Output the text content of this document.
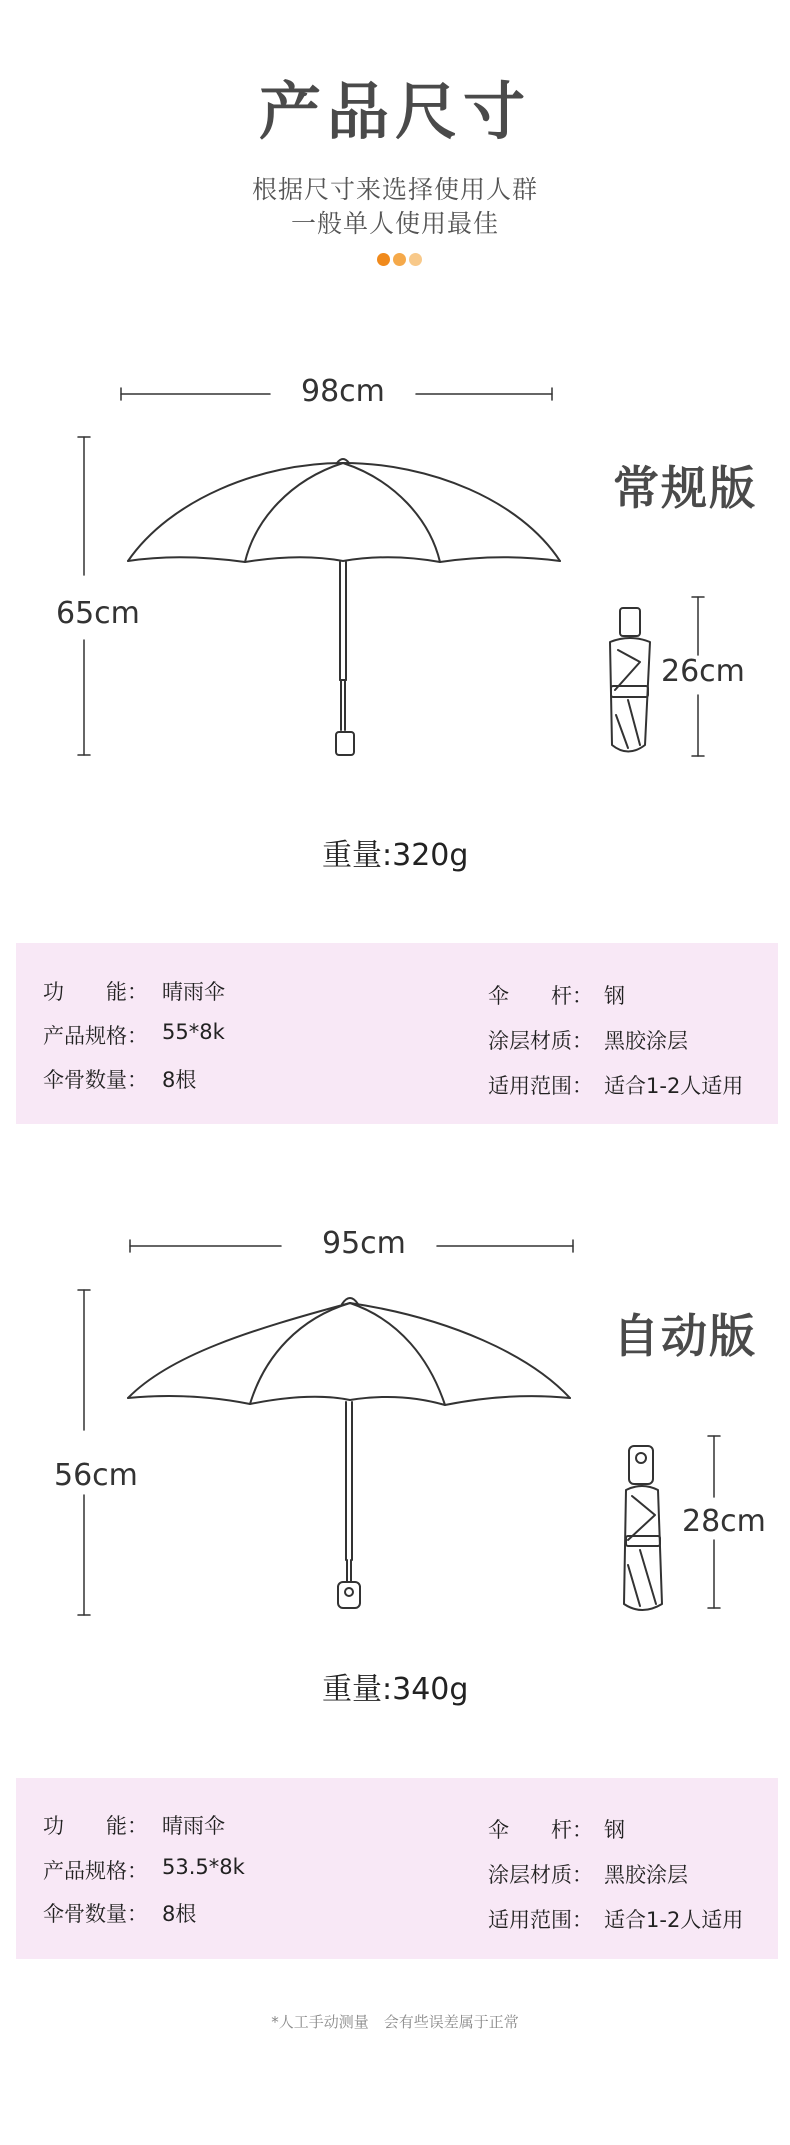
产品尺寸
根据尺寸来选择使用人群
一般单人使用最佳
98cm
65cm
常规版
26cm
重量:320g
功　　能： 晴雨伞
产品规格： 55*8k
伞骨数量： 8根
伞　　杆： 钢
涂层材质： 黑胶涂层
适用范围： 适合1-2人适用
95cm
56cm
自动版
28cm
重量:340g
功　　能： 晴雨伞
产品规格： 53.5*8k
伞骨数量： 8根
伞　　杆： 钢
涂层材质： 黑胶涂层
适用范围： 适合1-2人适用
*人工手动测量　会有些误差属于正常
